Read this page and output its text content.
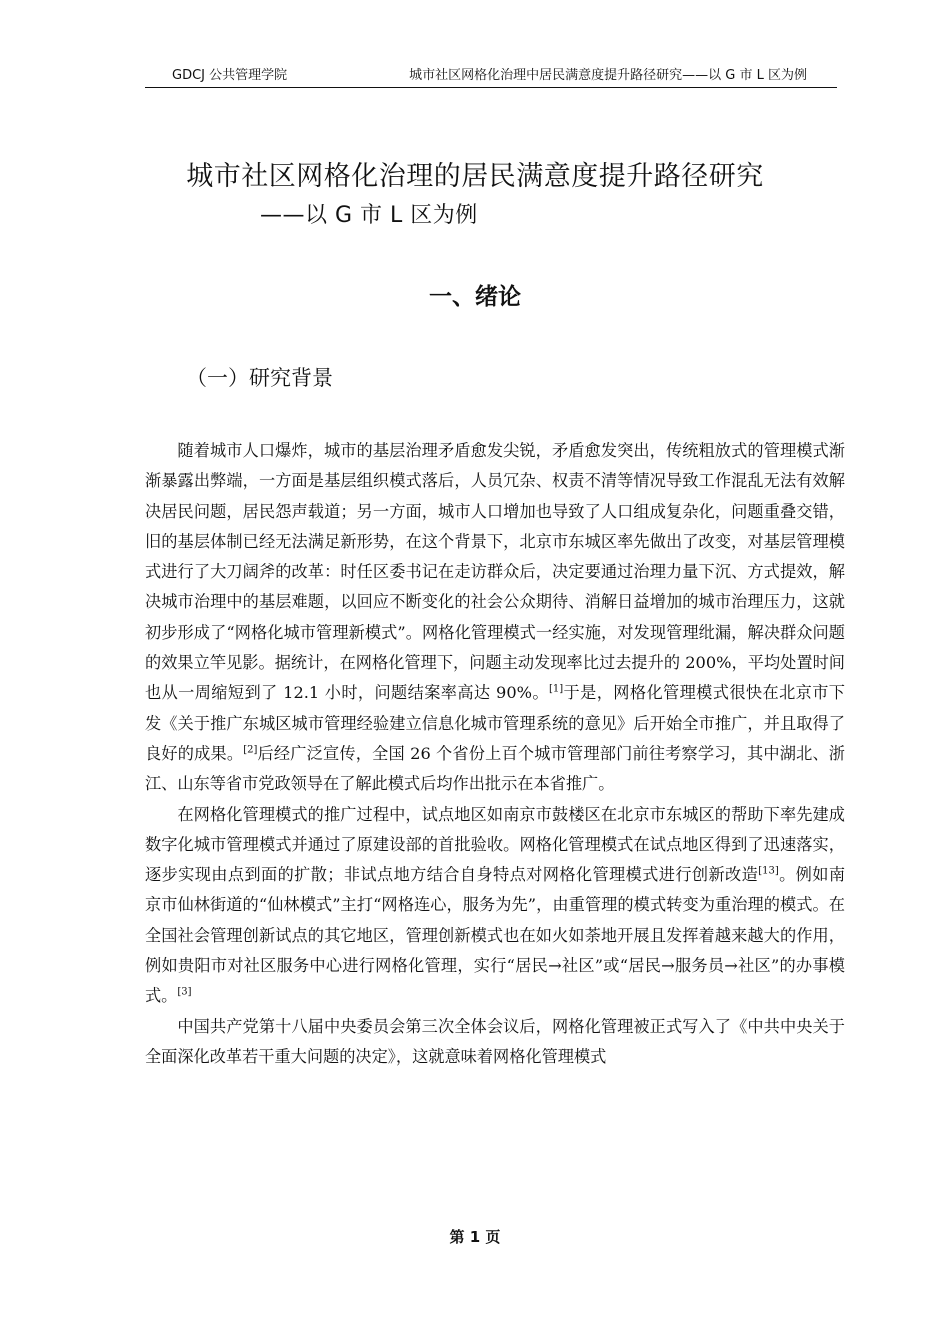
GDCJ 公共管理学院	城市社区网格化治理中居民满意度提升路径研究——以 G 市 L 区为例
城市社区网格化治理的居民满意度提升路径研究
——以 G 市 L 区为例
一、绪论
（一）研究背景

随着城市人口爆炸，城市的基层治理矛盾愈发尖锐，矛盾愈发突出，传统粗放式的管理模式渐渐暴露出弊端，一方面是基层组织模式落后，人员冗杂、权责不清等情况导致工作混乱无法有效解决居民问题，居民怨声载道；另一方面，城市人口增加也导致了人口组成复杂化，问题重叠交错，旧的基层体制已经无法满足新形势，在这个背景下，北京市东城区率先做出了改变，对基层管理模式进行了大刀阔斧的改革：时任区委书记在走访群众后，决定要通过治理力量下沉、方式提效，解决城市治理中的基层难题，以回应不断变化的社会公众期待、消解日益增加的城市治理压力，这就初步形成了“网格化城市管理新模式”。网格化管理模式一经实施，对发现管理纰漏，解决群众问题的效果立竿见影。据统计，在网格化管理下，问题主动发现率比过去提升的 200%，平均处置时间也从一周缩短到了 12.1 小时，问题结案率高达 90%。[1]于是，网格化管理模式很快在北京市下发《关于推广东城区城市管理经验建立信息化城市管理系统的意见》后开始全市推广，并且取得了良好的成果。[2]后经广泛宣传，全国 26 个省份上百个城市管理部门前往考察学习，其中湖北、浙江、山东等省市党政领导在了解此模式后均作出批示在本省推广。

在网格化管理模式的推广过程中，试点地区如南京市鼓楼区在北京市东城区的帮助下率先建成数字化城市管理模式并通过了原建设部的首批验收。网格化管理模式在试点地区得到了迅速落实，逐步实现由点到面的扩散；非试点地方结合自身特点对网格化管理模式进行创新改造[13]。例如南京市仙林街道的“仙林模式”主打“网格连心，服务为先”，由重管理的模式转变为重治理的模式。在全国社会管理创新试点的其它地区，管理创新模式也在如火如荼地开展且发挥着越来越大的作用，例如贵阳市对社区服务中心进行网格化管理，实行“居民→社区”或“居民→服务员→社区”的办事模式。[3]

中国共产党第十八届中央委员会第三次全体会议后，网格化管理被正式写入了《中共中央关于全面深化改革若干重大问题的决定》，这就意味着网格化管理模式

第 1 页
